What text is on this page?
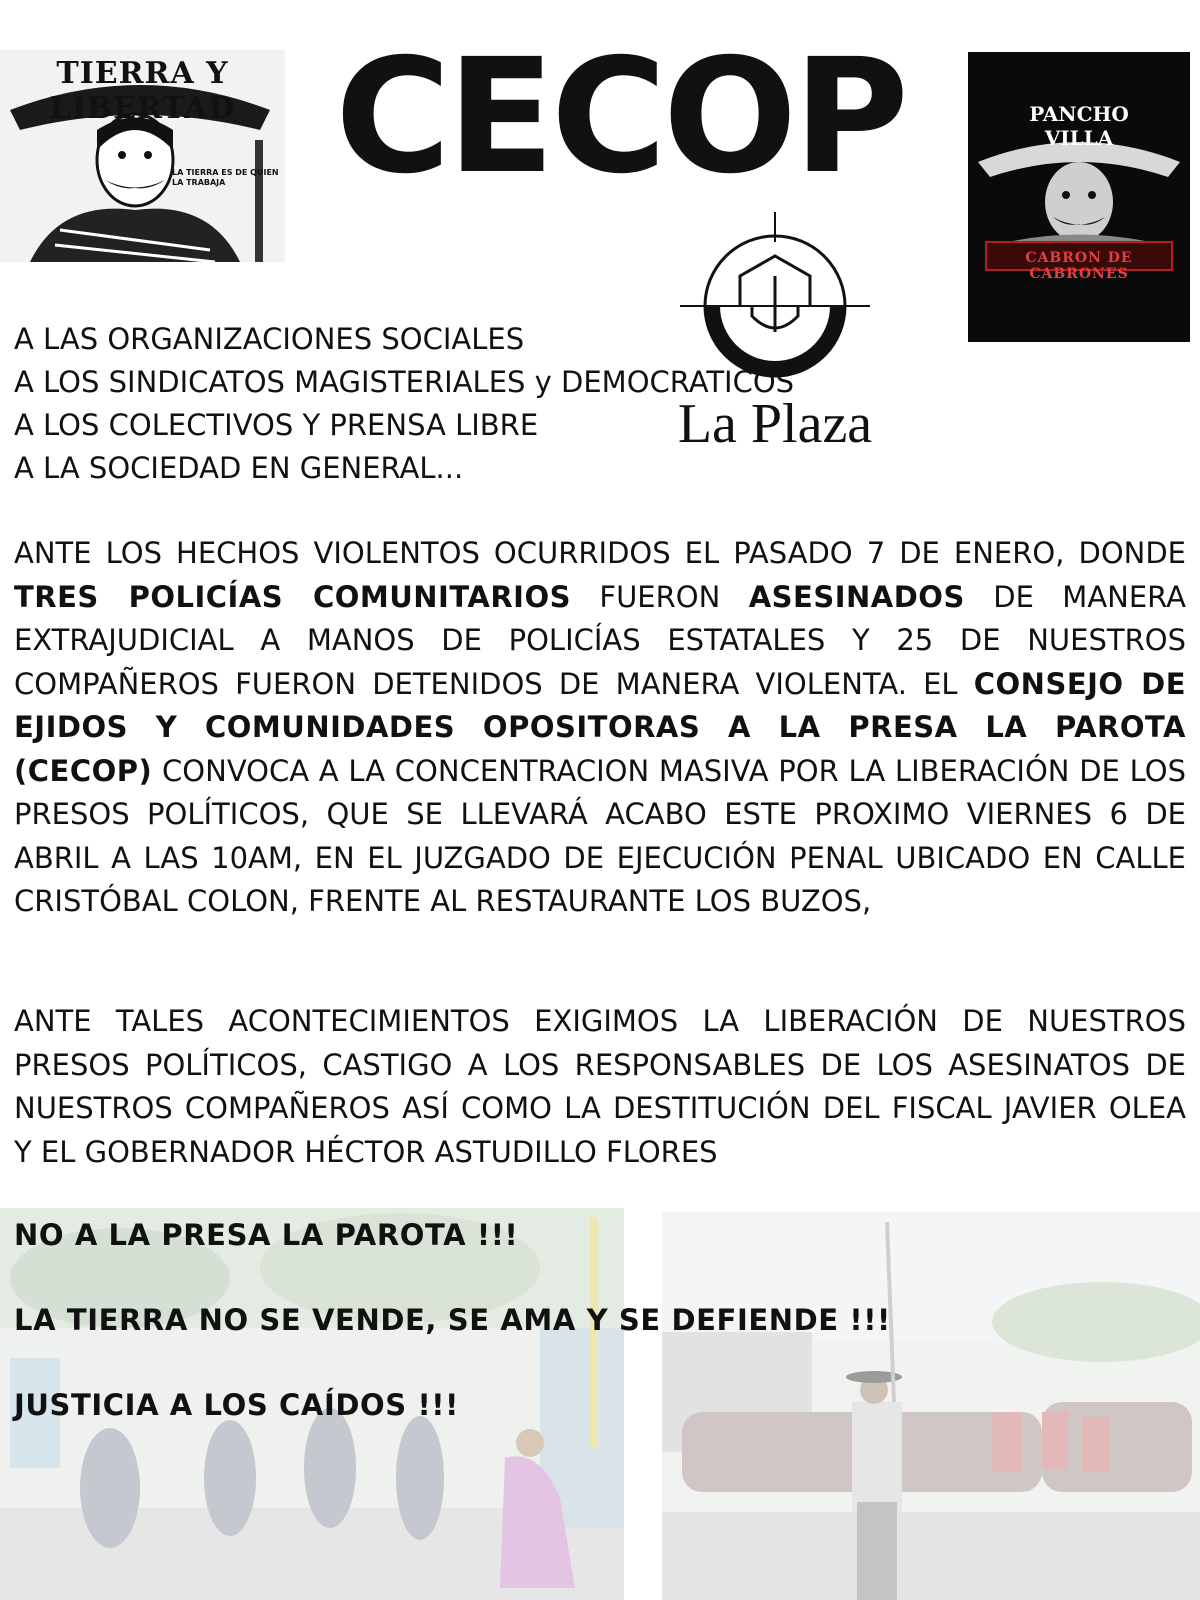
TIERRA Y LIBERTAD
LA TIERRA ES DE QUIEN LA TRABAJA CECOP	PANCHO VILLA
CABRON DE CABRONES
La Plaza
A LAS ORGANIZACIONES SOCIALES
A LOS SINDICATOS MAGISTERIALES y DEMOCRATICOS
A LOS COLECTIVOS Y PRENSA LIBRE
A LA SOCIEDAD EN GENERAL...
ANTE LOS HECHOS VIOLENTOS OCURRIDOS EL PASADO 7 DE ENERO, DONDE TRES POLICÍAS COMUNITARIOS FUERON ASESINADOS DE MANERA EXTRAJUDICIAL A MANOS DE POLICÍAS ESTATALES Y 25 DE NUESTROS COMPAÑEROS FUERON DETENIDOS DE MANERA VIOLENTA. EL CONSEJO DE EJIDOS Y COMUNIDADES OPOSITORAS A LA PRESA LA PAROTA (CECOP) CONVOCA A LA CONCENTRACION MASIVA POR LA LIBERACIÓN DE LOS PRESOS POLÍTICOS, QUE SE LLEVARÁ ACABO ESTE PROXIMO VIERNES 6 DE ABRIL A LAS 10AM, EN EL JUZGADO DE EJECUCIÓN PENAL UBICADO EN CALLE CRISTÓBAL COLON, FRENTE AL RESTAURANTE LOS BUZOS,
ANTE TALES ACONTECIMIENTOS EXIGIMOS LA LIBERACIÓN DE NUESTROS PRESOS POLÍTICOS, CASTIGO A LOS RESPONSABLES DE LOS ASESINATOS DE NUESTROS COMPAÑEROS ASÍ COMO LA DESTITUCIÓN DEL FISCAL JAVIER OLEA Y EL GOBERNADOR HÉCTOR ASTUDILLO FLORES
NO A LA PRESA LA PAROTA !!!
LA TIERRA NO SE VENDE, SE AMA Y SE DEFIENDE !!!
JUSTICIA A LOS CAÍDOS !!!
